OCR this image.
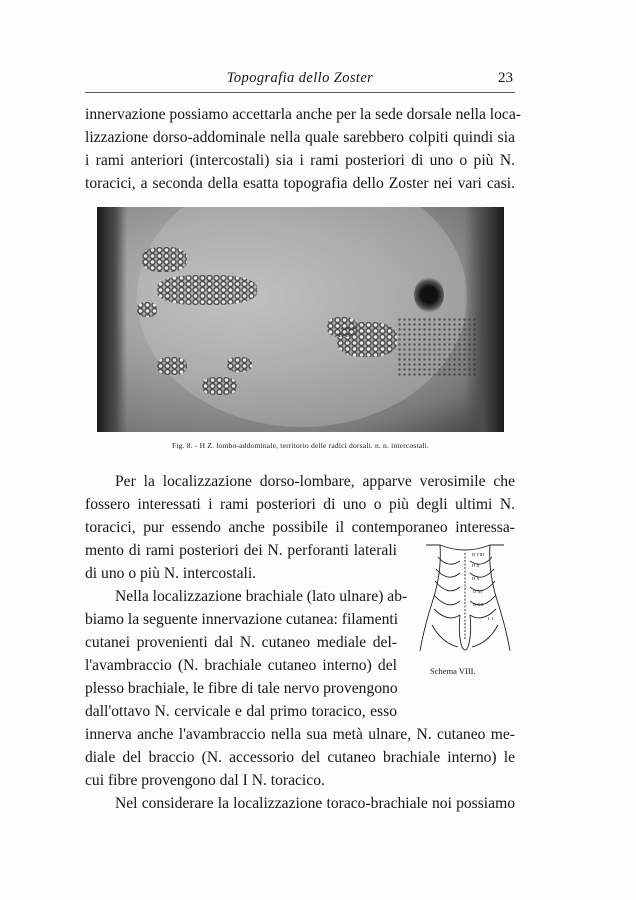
Topografia dello Zoster	23
innervazione possiamo accettarla anche per la sede dorsale nella loca-
lizzazione dorso-addominale nella quale sarebbero colpiti quindi sia
i rami anteriori (intercostali) sia i rami posteriori di uno o più N.
toracici, a seconda della esatta topografia dello Zoster nei vari casi.
Fig. 8. - H Z. lombo-addominale, territorio delle radici dorsali. n. n. intercostali.
Per la localizzazione dorso-lombare, apparve verosimile che
fossero interessati i rami posteriori di uno o più degli ultimi N.
toracici, pur essendo anche possibile il contemporaneo interessa-
mento di rami posteriori dei N. perforanti laterali
di uno o più N. intercostali.
Nella localizzazione brachiale (lato ulnare) ab-
biamo la seguente innervazione cutanea: filamenti
cutanei provenienti dal N. cutaneo mediale del-
l'avambraccio (N. brachiale cutaneo interno) del
plesso brachiale, le fibre di tale nervo provengono
dall'ottavo N. cervicale e dal primo toracico, esso
innerva anche l'avambraccio nella sua metà ulnare, N. cutaneo me-
diale del braccio (N. accessorio del cutaneo brachiale interno) le
cui fibre provengono dal I N. toracico.
Nel considerare la localizzazione toraco-brachiale noi possiamo
D VIII
D X
D X
D XI
D XII
L I
Schema VIII.
